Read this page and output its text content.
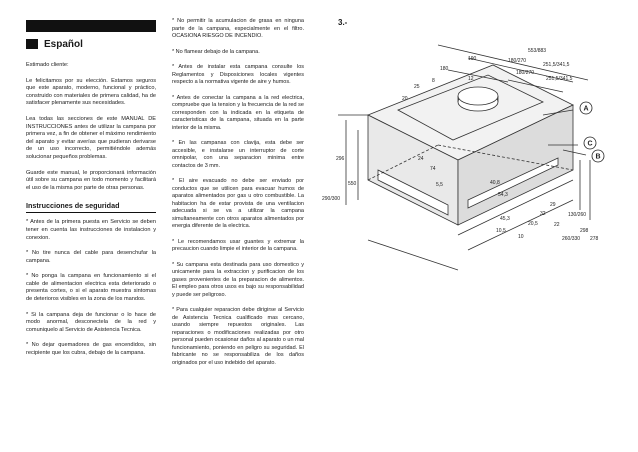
Español

Estimado cliente:

Le felicitamos por su elección. Estamos seguros que este aparato, moderno, funcional y práctico, construido con materiales de primera calidad, ha de satisfacer plenamente sus necesidades.

Lea todas las secciones de este MANUAL DE INSTRUCCIONES antes de utilizar la campana por primera vez, a fin de obtener el máximo rendimiento del aparato y evitar averías que pudieran derivarse de un uso incorrecto, permitiéndole además solucionar pequeños problemas.

Guarde este manual, le proporcionará información útil sobre su campana en todo momento y facilitará el uso de la misma por parte de otras personas.

Instrucciones de seguridad

* Antes de la primera puesta en Servicio se deben tener en cuenta las instrucciones de instalacion y conexion.

* No tire nunca del cable para desenchufar la campana.

* No ponga la campana en funcionamiento si el cable de alimentacion electrica esta deteriorado o presenta cortes, o si el aparato muestra sintomas de deterioros visibles en la zona de los mandos.

* Si la campana deja de funcionar o lo hace de modo anormal, desconectela de la red y comuniquelo al Servicio de Asistencia Tecnica.

* No dejar quemadores de gas encendidos, sin recipiente que los cubra, debajo de la campana.

* No permitir la acumulacion de grasa en ninguna parte de la campana, especialmente en el filtro. OCASIONA RIESGO DE INCENDIO.

* No flamear debajo de la campana.

* Antes de instalar esta campana consulte los Reglamentos y Disposiciones locales vigentes respecto a la normativa vigente de aire y humos.

* Antes de conectar la campana a la red electrica, compruebe que la tension y la frecuencia de la red se corresponden con la indicada en la etiqueta de caracteristicas de la campana, situada en la parte interior de la misma.

* En las campanas con clavija, esta debe ser accesible, e instalarse un interruptor de corte omnipolar, con una separacion minima entre contactos de 3 mm.

* El aire evacuado no debe ser enviado por conductos que se utilicen para evacuar humos de aparatos alimentados por gas u otro combustible. La habitacion ha de estar provista de una ventilacion adecuada si se va a utilizar la campana simultaneamente con otros aparatos alimentados por energia diferente de la electrica.

* Le recomendamos usar guantes y extremar la precaucion cuando limpie el interior de la campana.

* Su campana esta destinada para uso domestico y unicamente para la extraccion y purificacion de los gases provenientes de la preparacion de alimentos. El empleo para otros usos es bajo su responsabilidad y puede ser peligroso.

* Para cualquier reparacion debe dirigirse al Servicio de Asistencia Tecnica cualificado mas cercano, usando siempre repuestos originales. Las reparaciones o modificaciones realizadas por otro personal pueden ocasionar daños al aparato o un mal funcionamiento, poniendo en peligro su seguridad. El fabricante no se responsabiliza de los daños originados por el uso indebido del aparato.

3.-
553/883
251,5/341,5
180/270
180/270
251,5/341,5
180
190
8
25
20
12
296
550
290/300
74
5,5	40,8
54,3
45,3
10,5
10
20,5
32
29
22
130/260
260/330
298
278
24
A
C
B
